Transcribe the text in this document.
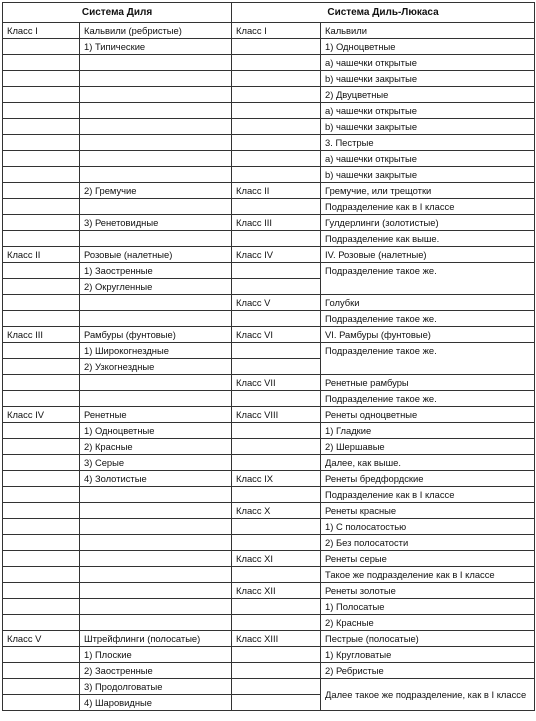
Система Диля		Система Диль-Люкаса	
Класс I	Кальвили (ребристые)	Класс I	Кальвили
	1) Типические		1) Одноцветные
			а) чашечки открытые
			b) чашечки закрытые
			2) Двуцветные
			а) чашечки открытые
			b) чашечки закрытые
			3. Пестрые
			а) чашечки открытые
			b) чашечки закрытые
	2) Гремучие	Класс II	Гремучие, или трещотки
			Подразделение как в I классе
	3) Ренетовидные	Класс III	Гулдерлинги (золотистые)
			Подразделение как выше.
Класс II	Розовые (налетные)	Класс IV	IV. Розовые (налетные)
	1) Заостренные		Подразделение такое же.
	2) Округленные		
		Класс V	Голубки
			Подразделение такое же.
Класс III	Рамбуры (фунтовые)	Класс VI	VI. Рамбуры (фунтовые)
	1) Широкогнездные		Подразделение такое же.
	2) Узкогнездные		
		Класс VII	Ренетные рамбуры
			Подразделение такое же.
Класс IV	Ренетные	Класс VIII	Ренеты одноцветные
	1) Одноцветные		1) Гладкие
	2) Красные		2) Шершавые
	3) Серые		Далее, как выше.
	4) Золотистые	Класс IX	Ренеты бредфордские
			Подразделение как в I классе
		Класс X	Ренеты красные
			1) С полосатостью
			2) Без полосатости
		Класс XI	Ренеты серые
			Такое же подразделение как в I классе
		Класс XII	Ренеты золотые
			1) Полосатые
			2) Красные
Класс V	Штрейфлинги (полосатые)	Класс XIII	Пестрые (полосатые)
	1) Плоские		1) Кругловатые
	2) Заостренные		2) Ребристые
	3) Продолговатые		Далее такое же подразделение, как в I классе
	4) Шаровидные		
